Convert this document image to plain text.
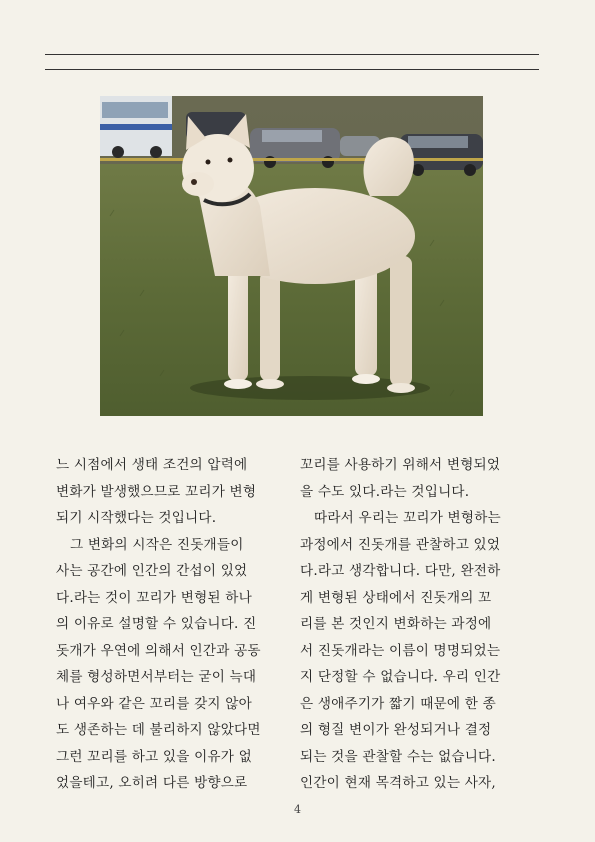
느 시점에서 생태 조건의 압력에
변화가 발생했으므로 꼬리가 변형
되기 시작했다는 것입니다.
그 변화의 시작은 진돗개들이
사는 공간에 인간의 간섭이 있었
다.라는 것이 꼬리가 변형된 하나
의 이유로 설명할 수 있습니다. 진
돗개가 우연에 의해서 인간과 공동
체를 형성하면서부터는 굳이 늑대
나 여우와 같은 꼬리를 갖지 않아
도 생존하는 데 불리하지 않았다면
그런 꼬리를 하고 있을 이유가 없
었을테고, 오히려 다른 방향으로

꼬리를 사용하기 위해서 변형되었
을 수도 있다.라는 것입니다.
따라서 우리는 꼬리가 변형하는
과정에서 진돗개를 관찰하고 있었
다.라고 생각합니다. 다만, 완전하
게 변형된 상태에서 진돗개의 꼬
리를 본 것인지 변화하는 과정에
서 진돗개라는 이름이 명명되었는
지 단정할 수 없습니다. 우리 인간
은 생애주기가 짧기 때문에 한 종
의 형질 변이가 완성되거나 결정
되는 것을 관찰할 수는 없습니다.
인간이 현재 목격하고 있는 사자,

4
